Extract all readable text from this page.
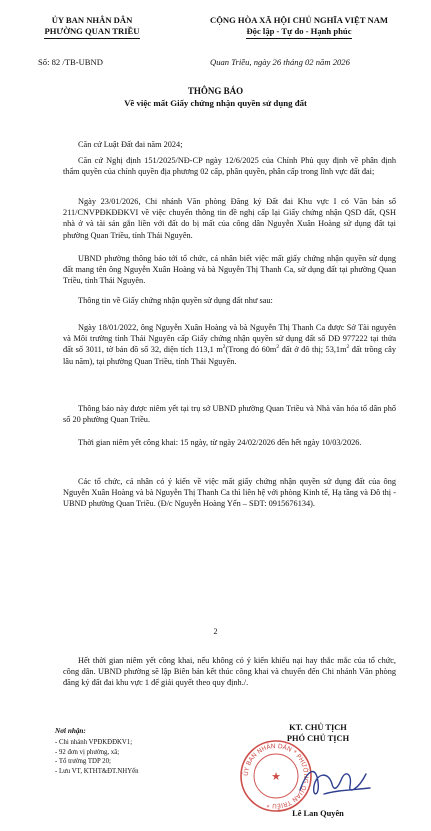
ỦY BAN NHÂN DÂN
PHƯỜNG QUAN TRIỀU
CỘNG HÒA XÃ HỘI CHỦ NGHĨA VIỆT NAM
Độc lập - Tự do - Hạnh phúc
Số: 82 /TB-UBND	Quan Triều, ngày 26 tháng 02 năm 2026
THÔNG BÁO
Về việc mất Giấy chứng nhận quyền sử dụng đất
Căn cứ Luật Đất đai năm 2024;
Căn cứ Nghị định 151/2025/NĐ-CP ngày 12/6/2025 của Chính Phủ quy định về phân định thẩm quyền của chính quyền địa phương 02 cấp, phân quyền, phân cấp trong lĩnh vực đất đai;
Ngày 23/01/2026, Chi nhánh Văn phòng Đăng ký Đất đai Khu vực I có Văn bản số 211/CNVPĐKĐĐKVI về việc chuyển thông tin đề nghị cấp lại Giấy chứng nhận QSD đất, QSH nhà ở và tài sản gắn liền với đất do bị mất của công dân Nguyễn Xuân Hoàng sử dụng đất tại phường Quan Triều, tỉnh Thái Nguyên.
UBND phường thông báo tới tổ chức, cá nhân biết việc mất giấy chứng nhận quyền sử dụng đất mang tên ông Nguyễn Xuân Hoàng và bà Nguyễn Thị Thanh Ca, sử dụng đất tại phường Quan Triều, tỉnh Thái Nguyên.
Thông tin về Giấy chứng nhận quyền sử dụng đất như sau:
Ngày 18/01/2022, ông Nguyễn Xuân Hoàng và bà Nguyễn Thị Thanh Ca được Sở Tài nguyên và Môi trường tỉnh Thái Nguyên cấp Giấy chứng nhận quyền sử dụng đất số DĐ 977222 tại thửa đất số 3011, tờ bản đồ số 32, diện tích 113,1 $m^2(Trong$ đó $60m^2$ đất ở đô thị; $53,1m^2$ đất trồng cây lâu năm), tại phường Quan Triều, tỉnh Thái Nguyên.
Thông báo này được niêm yết tại trụ sở UBND phường Quan Triều và Nhà văn hóa tổ dân phố số 20 phường Quan Triều.
Thời gian niêm yết công khai: 15 ngày, từ ngày 24/02/2026 đến hết ngày 10/03/2026.
Các tổ chức, cá nhân có ý kiến về việc mất giấy chứng nhận quyền sử dụng đất của ông Nguyễn Xuân Hoàng và bà Nguyễn Thị Thanh Ca thì liên hệ với phòng Kinh tế, Hạ tầng và Đô thị - UBND phường Quan Triều. (Đ/c Nguyễn Hoàng Yến – SĐT: 0915676134).
2
Hết thời gian niêm yết công khai, nếu không có ý kiến khiếu nại hay thắc mắc của tổ chức, công dân. UBND phường sẽ lập Biên bản kết thúc công khai và chuyển đến Chi nhánh Văn phòng đăng ký đất đai khu vực 1 để giải quyết theo quy định./.
Nơi nhận:
- Chi nhánh VPĐKĐĐKV1;
- 92 đơn vị phường, xã;
- Tổ trường TDP 20;
- Lưu VT, KTHT&ĐT.NHYến	ỦY BAN NHÂN DÂN * PHƯỜNG QUAN TRIỀU *
★
KT. CHỦ TỊCH
PHÓ CHỦ TỊCH
Lê Lan Quyên
